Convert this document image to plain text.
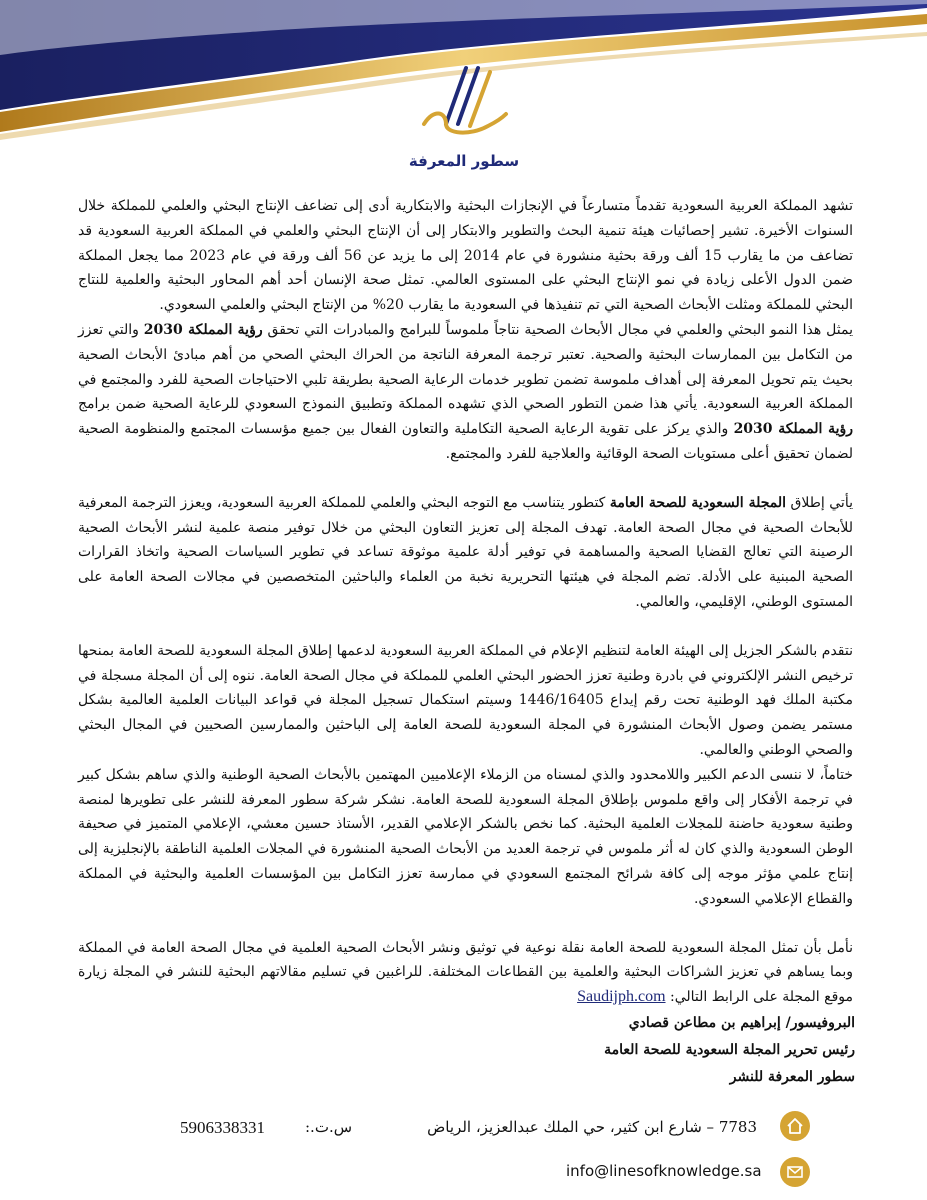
سطور المعرفة

تشهد المملكة العربية السعودية تقدماً متسارعاً في الإنجازات البحثية والابتكارية أدى إلى تضاعف الإنتاج البحثي والعلمي للمملكة خلال السنوات الأخيرة. تشير إحصائيات هيئة تنمية البحث والتطوير والابتكار إلى أن الإنتاج البحثي والعلمي في المملكة العربية السعودية قد تضاعف من ما يقارب 15 ألف ورقة بحثية منشورة في عام 2014 إلى ما يزيد عن 56 ألف ورقة في عام 2023 مما يجعل المملكة ضمن الدول الأعلى زيادة في نمو الإنتاج البحثي على المستوى العالمي. تمثل صحة الإنسان أحد أهم المحاور البحثية والعلمية للنتاج البحثي للمملكة ومثلت الأبحاث الصحية التي تم تنفيذها في السعودية ما يقارب 20% من الإنتاج البحثي والعلمي السعودي.

يمثل هذا النمو البحثي والعلمي في مجال الأبحاث الصحية نتاجاً ملموساً للبرامج والمبادرات التي تحقق رؤية المملكة 2030 والتي تعزز من التكامل بين الممارسات البحثية والصحية. تعتبر ترجمة المعرفة الناتجة من الحراك البحثي الصحي من أهم مبادئ الأبحاث الصحية بحيث يتم تحويل المعرفة إلى أهداف ملموسة تضمن تطوير خدمات الرعاية الصحية بطريقة تلبي الاحتياجات الصحية للفرد والمجتمع في المملكة العربية السعودية. يأتي هذا ضمن التطور الصحي الذي تشهده المملكة وتطبيق النموذج السعودي للرعاية الصحية ضمن برامج رؤية المملكة 2030 والذي يركز على تقوية الرعاية الصحية التكاملية والتعاون الفعال بين جميع مؤسسات المجتمع والمنظومة الصحية لضمان تحقيق أعلى مستويات الصحة الوقائية والعلاجية للفرد والمجتمع.

يأتي إطلاق المجلة السعودية للصحة العامة كتطور يتناسب مع التوجه البحثي والعلمي للمملكة العربية السعودية، ويعزز الترجمة المعرفية للأبحاث الصحية في مجال الصحة العامة. تهدف المجلة إلى تعزيز التعاون البحثي من خلال توفير منصة علمية لنشر الأبحاث الصحية الرصينة التي تعالج القضايا الصحية والمساهمة في توفير أدلة علمية موثوقة تساعد في تطوير السياسات الصحية واتخاذ القرارات الصحية المبنية على الأدلة. تضم المجلة في هيئتها التحريرية نخبة من العلماء والباحثين المتخصصين في مجالات الصحة العامة على المستوى الوطني، الإقليمي، والعالمي.

نتقدم بالشكر الجزيل إلى الهيئة العامة لتنظيم الإعلام في المملكة العربية السعودية لدعمها إطلاق المجلة السعودية للصحة العامة بمنحها ترخيص النشر الإلكتروني في بادرة وطنية تعزز الحضور البحثي العلمي للمملكة في مجال الصحة العامة. ننوه إلى أن المجلة مسجلة في مكتبة الملك فهد الوطنية تحت رقم إيداع 1446/16405 وسيتم استكمال تسجيل المجلة في قواعد البيانات العلمية العالمية بشكل مستمر يضمن وصول الأبحاث المنشورة في المجلة السعودية للصحة العامة إلى الباحثين والممارسين الصحيين في المجال البحثي والصحي الوطني والعالمي.

ختاماً، لا ننسى الدعم الكبير واللامحدود والذي لمسناه من الزملاء الإعلاميين المهتمين بالأبحاث الصحية الوطنية والذي ساهم بشكل كبير في ترجمة الأفكار إلى واقع ملموس بإطلاق المجلة السعودية للصحة العامة. نشكر شركة سطور المعرفة للنشر على تطويرها لمنصة وطنية سعودية حاضنة للمجلات العلمية البحثية. كما نخص بالشكر الإعلامي القدير، الأستاذ حسين معشي، الإعلامي المتميز في صحيفة الوطن السعودية والذي كان له أثر ملموس في ترجمة العديد من الأبحاث الصحية المنشورة في المجلات العلمية الناطقة بالإنجليزية إلى إنتاج علمي مؤثر موجه إلى كافة شرائح المجتمع السعودي في ممارسة تعزز التكامل بين المؤسسات العلمية والبحثية في المملكة والقطاع الإعلامي السعودي.

نأمل بأن تمثل المجلة السعودية للصحة العامة نقلة نوعية في توثيق ونشر الأبحاث الصحية العلمية في مجال الصحة العامة في المملكة وبما يساهم في تعزيز الشراكات البحثية والعلمية بين القطاعات المختلفة. للراغبين في تسليم مقالاتهم البحثية للنشر في المجلة زيارة موقع المجلة على الرابط التالي: Saudijph.com

البروفيسور/ إبراهيم بن مطاعن قصادي
رئيس تحرير المجلة السعودية للصحة العامة
سطور المعرفة للنشر
7783 – شارع ابن كثير، حي الملك عبدالعزيز، الرياض
س.ت.:
5906338331
info@linesofknowledge.sa
